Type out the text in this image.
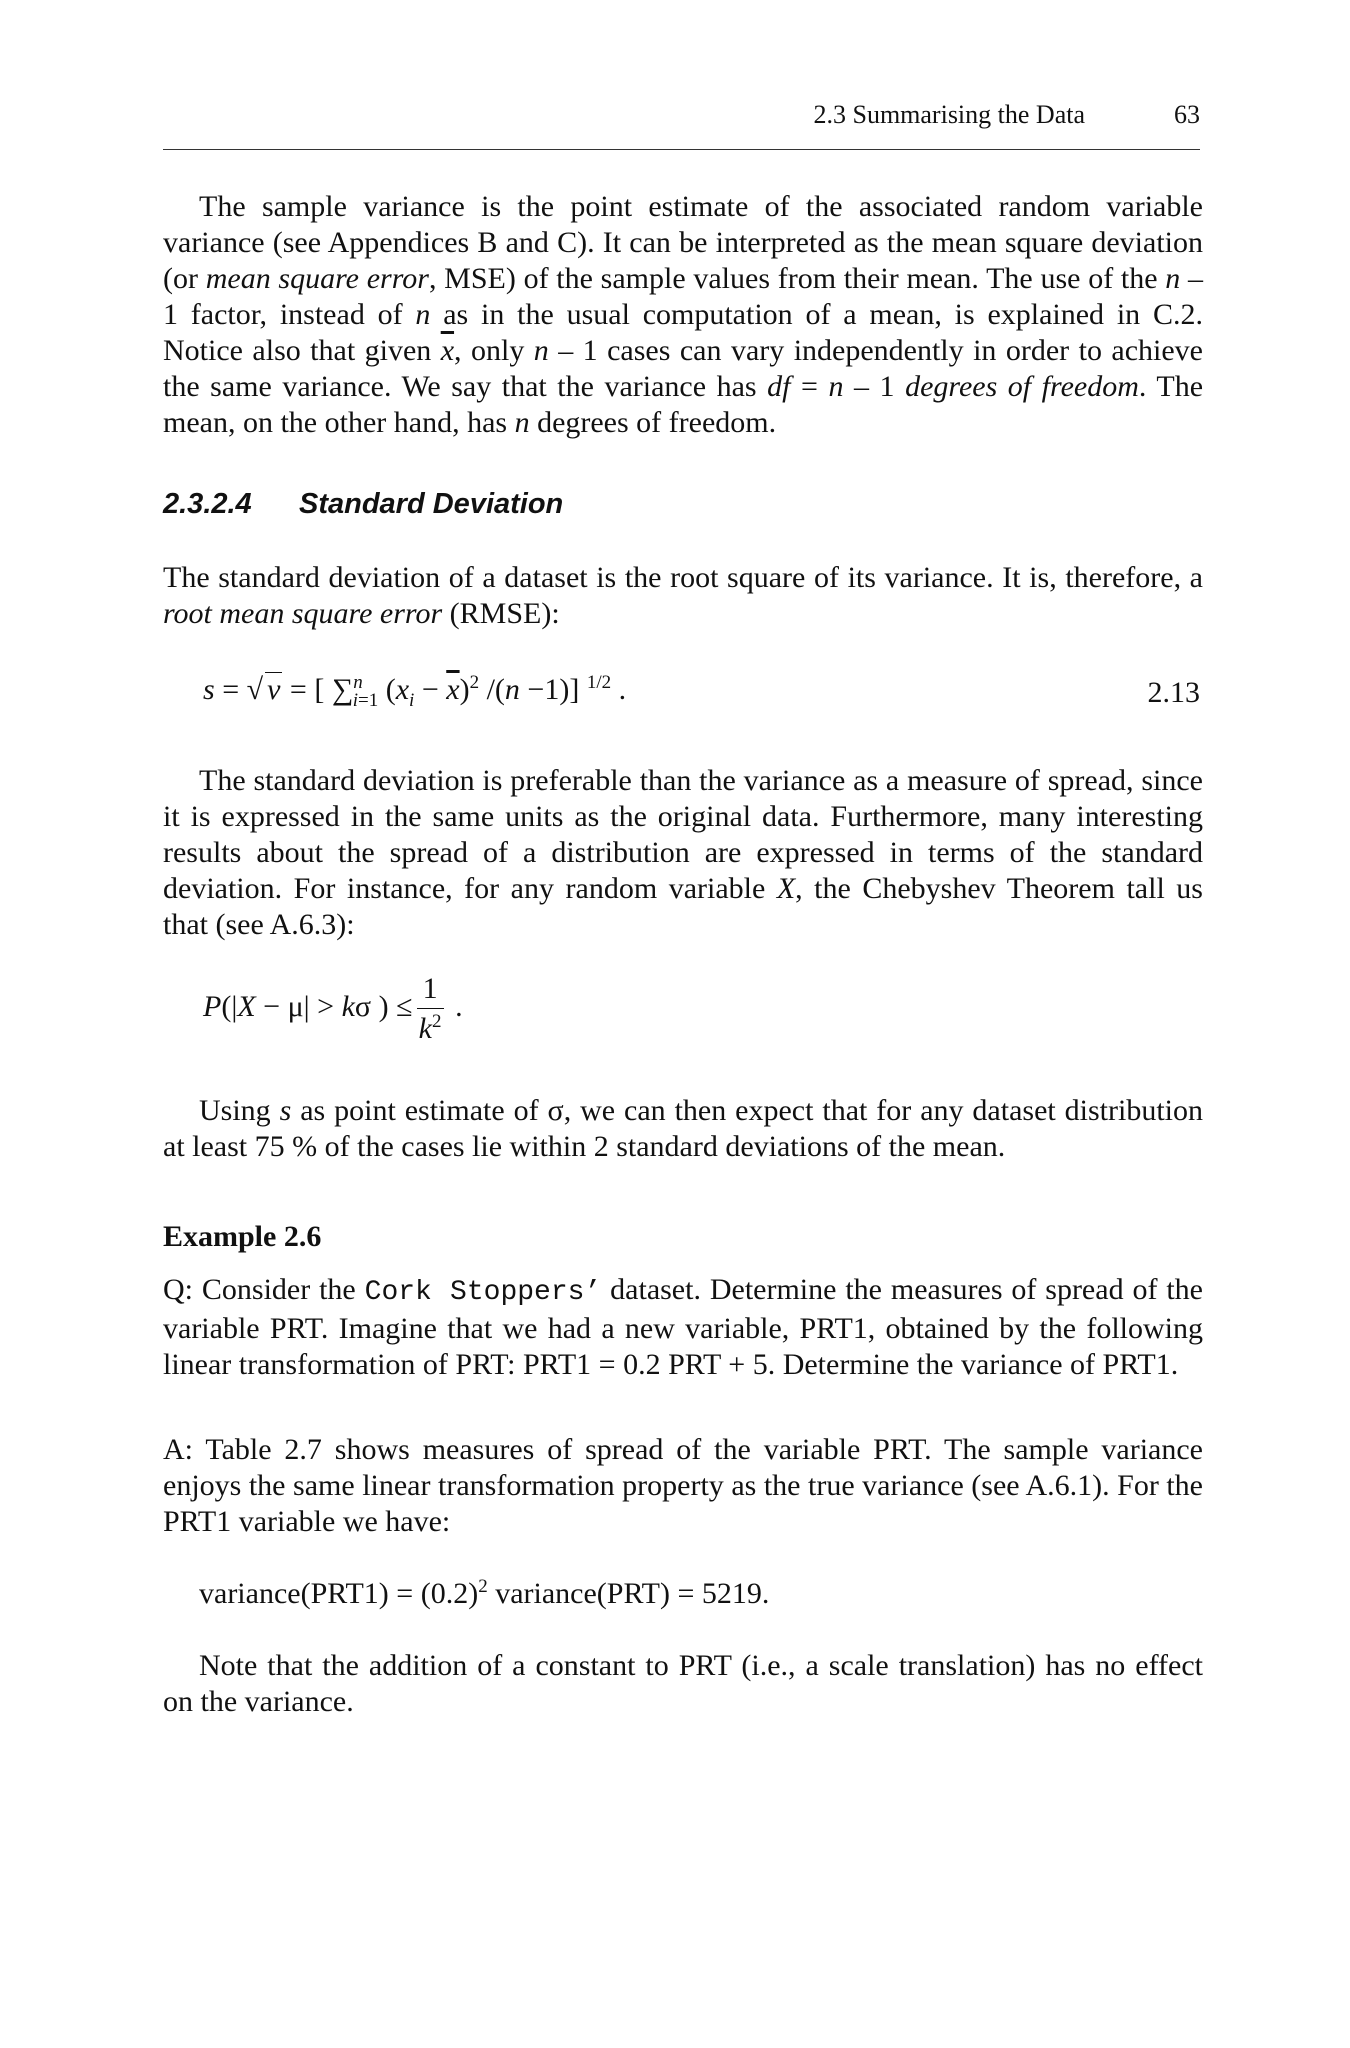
2.3 Summarising the Data	63

The sample variance is the point estimate of the associated random variable variance (see Appendices B and C). It can be interpreted as the mean square deviation (or mean square error, MSE) of the sample values from their mean. The use of the n – 1 factor, instead of n as in the usual computation of a mean, is explained in C.2. Notice also that given $\overline{x}$, only n – 1 cases can vary independently in order to achieve the same variance. We say that the variance has df = n – 1 degrees of freedom. The mean, on the other hand, has n degrees of freedom.

2.3.2.4 Standard Deviation

The standard deviation of a dataset is the root square of its variance. It is, therefore, a root mean square error (RMSE):

s = √ v = [ ∑$^n_{i=1}$ $(x_i - \overline{x})^2$ /(n −1)] $^{1/2}$ .	2.13

The standard deviation is preferable than the variance as a measure of spread, since it is expressed in the same units as the original data. Furthermore, many interesting results about the spread of a distribution are expressed in terms of the standard deviation. For instance, for any random variable X, the Chebyshev Theorem tall us that (see A.6.3):

P(|X − μ| > kσ ) ≤ $\frac{1}{k^2}$ .

Using s as point estimate of σ, we can then expect that for any dataset distribution at least 75 % of the cases lie within 2 standard deviations of the mean.

Example 2.6

Q: Consider the Cork Stoppers’ dataset. Determine the measures of spread of the variable PRT. Imagine that we had a new variable, PRT1, obtained by the following linear transformation of PRT: PRT1 = 0.2 PRT + 5. Determine the variance of PRT1.

A: Table 2.7 shows measures of spread of the variable PRT. The sample variance enjoys the same linear transformation property as the true variance (see A.6.1). For the PRT1 variable we have:

variance(PRT1) = $(0.2)^2$ variance(PRT) = 5219.

Note that the addition of a constant to PRT (i.e., a scale translation) has no effect on the variance.
